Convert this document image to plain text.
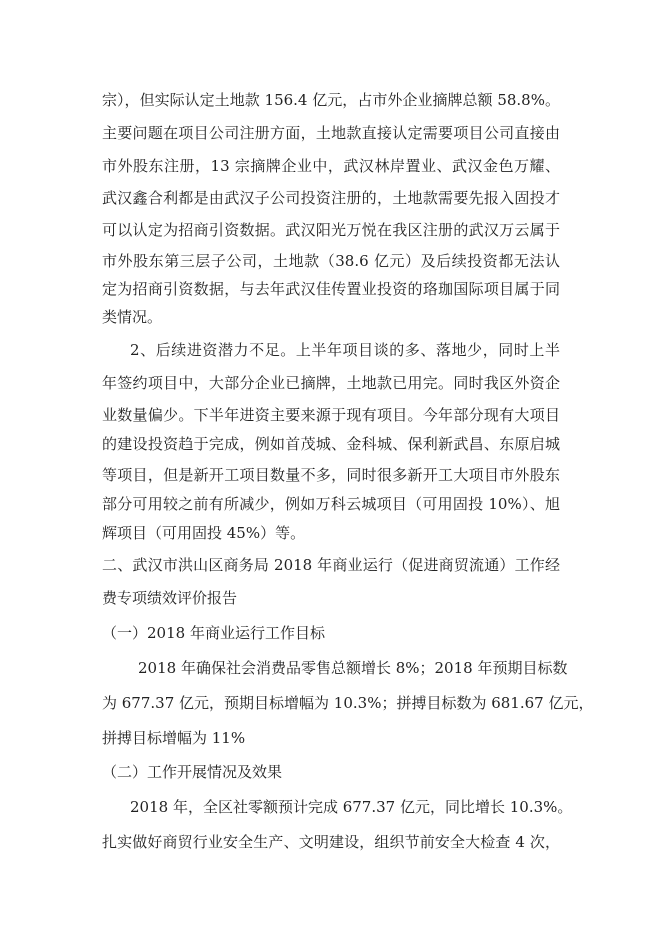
宗），但实际认定土地款 156.4 亿元，占市外企业摘牌总额 58.8%。
主要问题在项目公司注册方面，土地款直接认定需要项目公司直接由
市外股东注册，13 宗摘牌企业中，武汉林岸置业、武汉金色万耀、
武汉鑫合利都是由武汉子公司投资注册的，土地款需要先报入固投才
可以认定为招商引资数据。武汉阳光万悦在我区注册的武汉万云属于
市外股东第三层子公司，土地款（38.6 亿元）及后续投资都无法认
定为招商引资数据，与去年武汉佳传置业投资的珞珈国际项目属于同
类情况。
2、后续进资潜力不足。上半年项目谈的多、落地少，同时上半
年签约项目中，大部分企业已摘牌，土地款已用完。同时我区外资企
业数量偏少。下半年进资主要来源于现有项目。今年部分现有大项目
的建设投资趋于完成，例如首茂城、金科城、保利新武昌、东原启城
等项目，但是新开工项目数量不多，同时很多新开工大项目市外股东
部分可用较之前有所减少，例如万科云城项目（可用固投 10%）、旭
辉项目（可用固投 45%）等。
二、武汉市洪山区商务局 2018 年商业运行（促进商贸流通）工作经
费专项绩效评价报告
（一）2018 年商业运行工作目标
2018 年确保社会消费品零售总额增长 8%；2018 年预期目标数
为 677.37 亿元，预期目标增幅为 10.3%；拼搏目标数为 681.67 亿元，
拼搏目标增幅为 11%
（二）工作开展情况及效果
2018 年，全区社零额预计完成 677.37 亿元，同比增长 10.3%。
扎实做好商贸行业安全生产、文明建设，组织节前安全大检查 4 次，
